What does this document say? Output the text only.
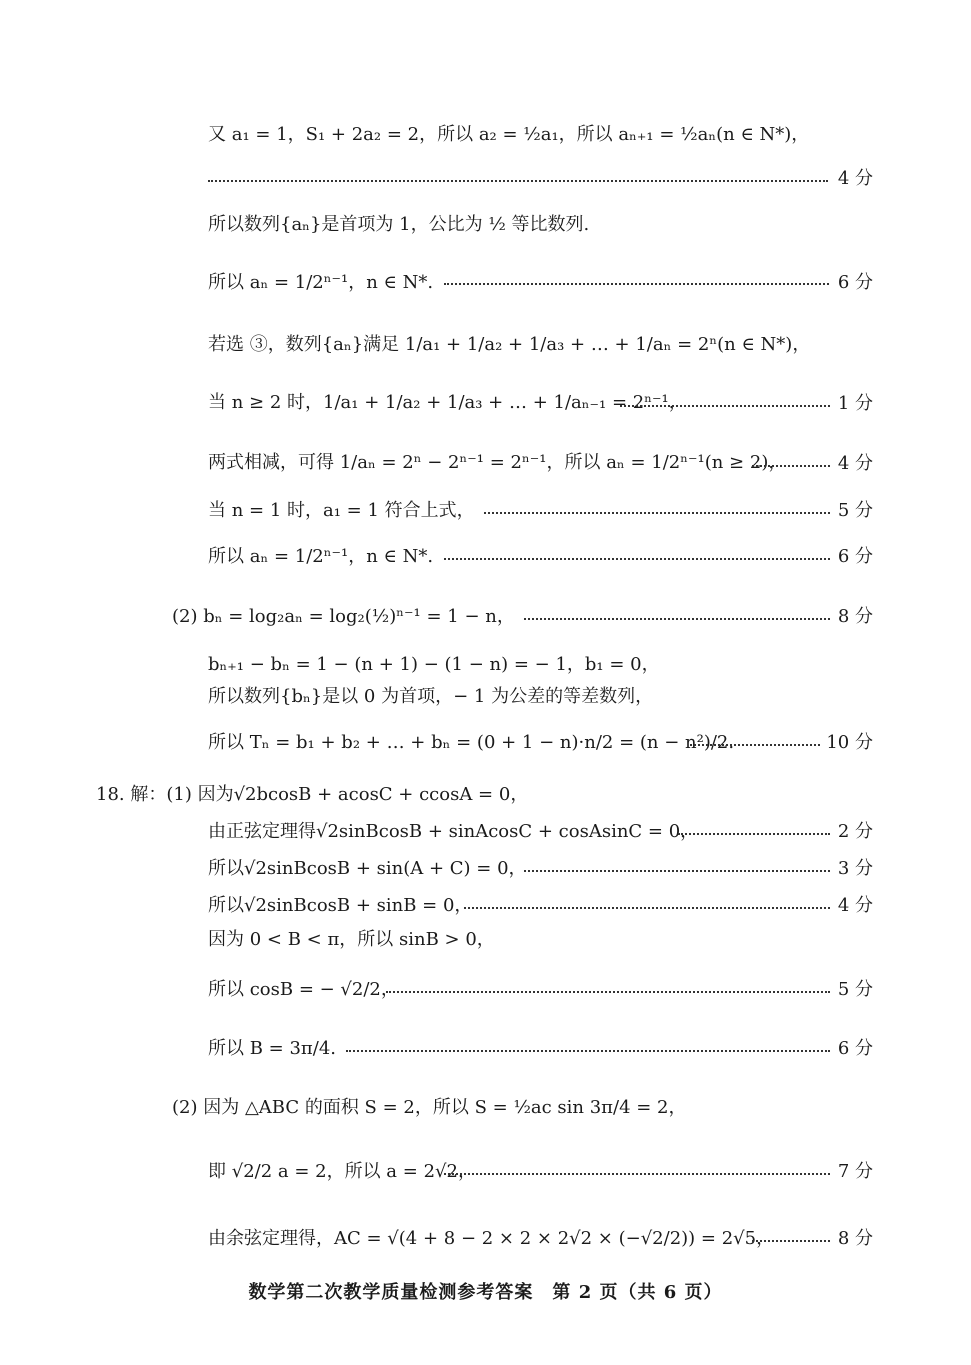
又 a₁ = 1，S₁ + 2a₂ = 2，所以 a₂ = ½a₁，所以 aₙ₊₁ = ½aₙ(n ∈ N*)，
所以数列{aₙ}是首项为 1，公比为 ½ 等比数列.
所以 aₙ = 1/2ⁿ⁻¹，n ∈ N*.
若选 ③，数列{aₙ}满足 1/a₁ + 1/a₂ + 1/a₃ + … + 1/aₙ = 2ⁿ(n ∈ N*)，
当 n ≥ 2 时，1/a₁ + 1/a₂ + 1/a₃ + … + 1/aₙ₋₁ = 2ⁿ⁻¹，
两式相减，可得 1/aₙ = 2ⁿ − 2ⁿ⁻¹ = 2ⁿ⁻¹，所以 aₙ = 1/2ⁿ⁻¹(n ≥ 2)，
当 n = 1 时，a₁ = 1 符合上式，
所以 aₙ = 1/2ⁿ⁻¹，n ∈ N*.
(2) bₙ = log₂aₙ = log₂(½)ⁿ⁻¹ = 1 − n，
bₙ₊₁ − bₙ = 1 − (n + 1) − (1 − n) = − 1，b₁ = 0，
所以数列{bₙ}是以 0 为首项，− 1 为公差的等差数列，
所以 Tₙ = b₁ + b₂ + … + bₙ = (0 + 1 − n)·n/2 = (n − n²)/2.
18. 解：(1) 因为√2bcosB + acosC + ccosA = 0，
由正弦定理得√2sinBcosB + sinAcosC + cosAsinC = 0，
所以√2sinBcosB + sin(A + C) = 0，
所以√2sinBcosB + sinB = 0，
因为 0 < B < π，所以 sinB > 0，
所以 cosB = − √2/2，
所以 B = 3π/4.
(2) 因为 △ABC 的面积 S = 2，所以 S = ½ac sin 3π/4 = 2，
即 √2/2 a = 2，所以 a = 2√2，
由余弦定理得，AC = √(4 + 8 − 2 × 2 × 2√2 × (−√2/2)) = 2√5，
4 分
6 分
1 分
4 分
5 分
6 分
8 分
10 分
2 分
3 分
4 分
5 分
6 分
7 分
8 分
数学第二次教学质量检测参考答案　第 2 页（共 6 页）
